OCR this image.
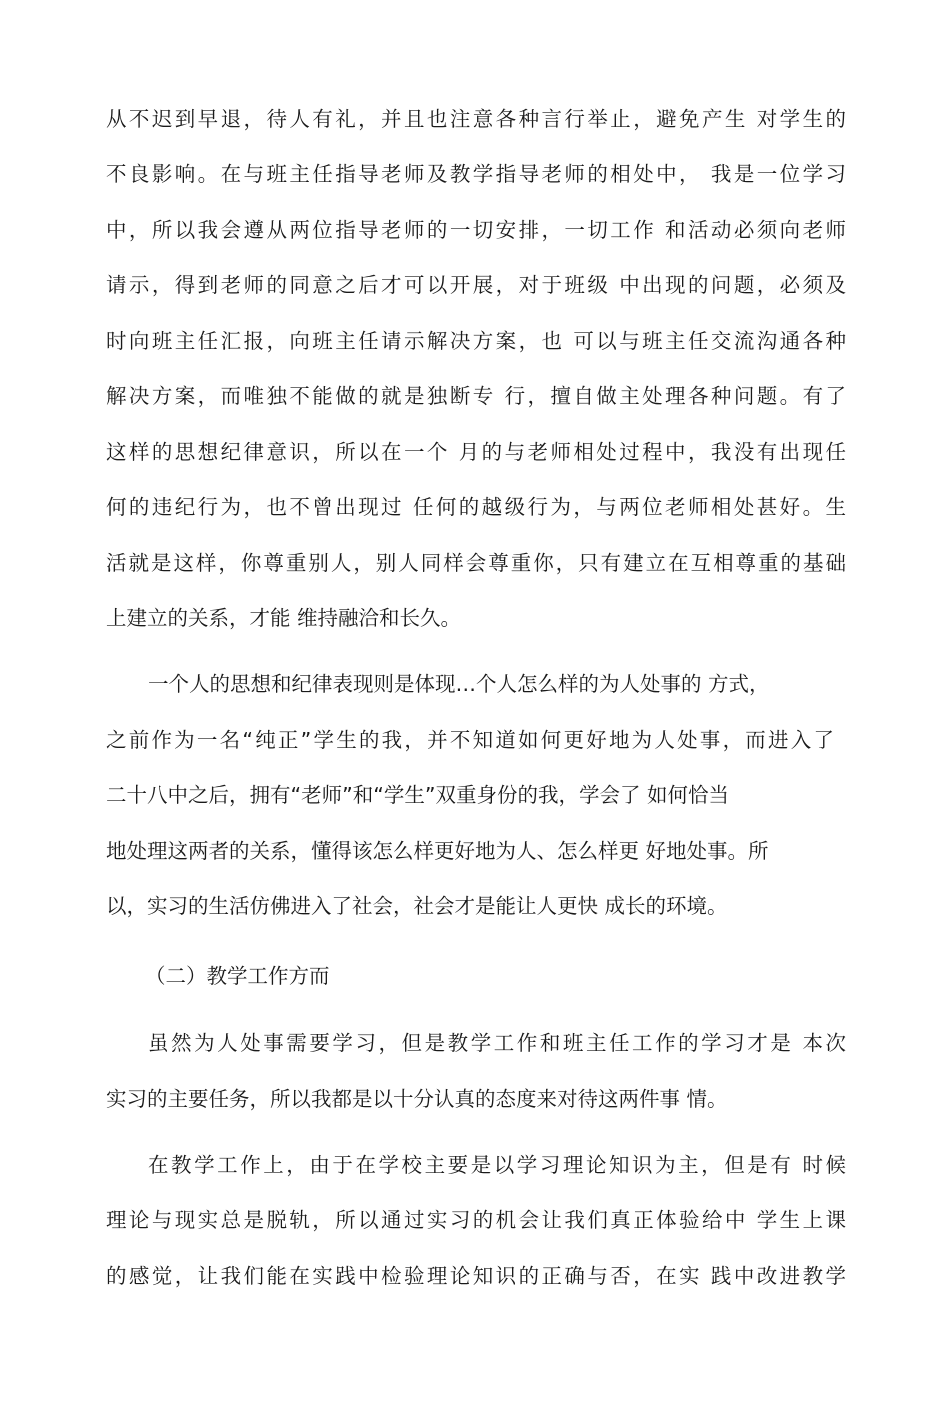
从不迟到早退，待人有礼，并且也注意各种言行举止，避免产生 对学生的
不良影响。在与班主任指导老师及教学指导老师的相处中， 我是一位学习
中，所以我会遵从两位指导老师的一切安排，一切工作 和活动必须向老师
请示，得到老师的同意之后才可以开展，对于班级 中出现的问题，必须及
时向班主任汇报，向班主任请示解决方案，也 可以与班主任交流沟通各种
解决方案，而唯独不能做的就是独断专 行，擅自做主处理各种问题。有了
这样的思想纪律意识，所以在一个 月的与老师相处过程中，我没有出现任
何的违纪行为，也不曾出现过 任何的越级行为，与两位老师相处甚好。生
活就是这样，你尊重别人，别人同样会尊重你，只有建立在互相尊重的基础
上建立的关系，才能 维持融洽和长久。
一个人的思想和纪律表现则是体现…个人怎么样的为人处事的 方式，
之前作为一名“纯正”学生的我，并不知道如何更好地为人处事，而进入了
二十八中之后，拥有“老师”和“学生”双重身份的我，学会了 如何恰当
地处理这两者的关系，懂得该怎么样更好地为人、怎么样更 好地处事。所
以，实习的生活仿佛进入了社会，社会才是能让人更快 成长的环境。
（二）教学工作方而
虽然为人处事需要学习，但是教学工作和班主任工作的学习才是 本次
实习的主要任务，所以我都是以十分认真的态度来对待这两件事 情。
在教学工作上，由于在学校主要是以学习理论知识为主，但是有 时候
理论与现实总是脱轨，所以通过实习的机会让我们真正体验给中 学生上课
的感觉，让我们能在实践中检验理论知识的正确与否，在实 践中改进教学
